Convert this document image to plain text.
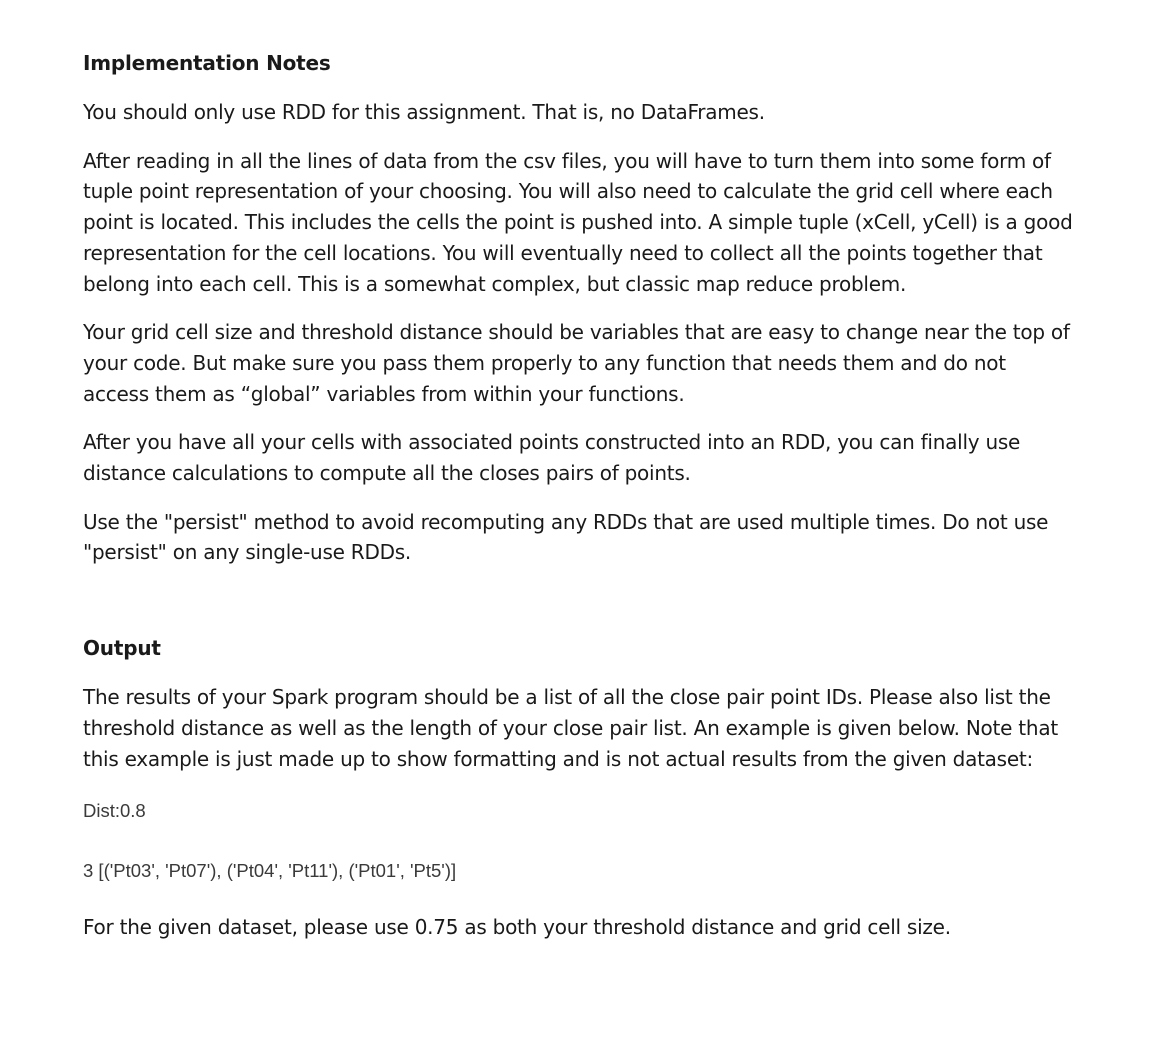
Implementation Notes

You should only use RDD for this assignment. That is, no DataFrames.

After reading in all the lines of data from the csv files, you will have to turn them into some form of tuple point representation of your choosing. You will also need to calculate the grid cell where each point is located. This includes the cells the point is pushed into. A simple tuple (xCell, yCell) is a good representation for the cell locations. You will eventually need to collect all the points together that belong into each cell. This is a somewhat complex, but classic map reduce problem.

Your grid cell size and threshold distance should be variables that are easy to change near the top of your code. But make sure you pass them properly to any function that needs them and do not access them as “global” variables from within your functions.

After you have all your cells with associated points constructed into an RDD, you can finally use distance calculations to compute all the closes pairs of points.

Use the "persist" method to avoid recomputing any RDDs that are used multiple times. Do not use "persist" on any single-use RDDs.

Output

The results of your Spark program should be a list of all the close pair point IDs. Please also list the threshold distance as well as the length of your close pair list. An example is given below. Note that this example is just made up to show formatting and is not actual results from the given dataset:

Dist:0.8

3 [('Pt03', 'Pt07'), ('Pt04', 'Pt11'), ('Pt01', 'Pt5')]

For the given dataset, please use 0.75 as both your threshold distance and grid cell size.
